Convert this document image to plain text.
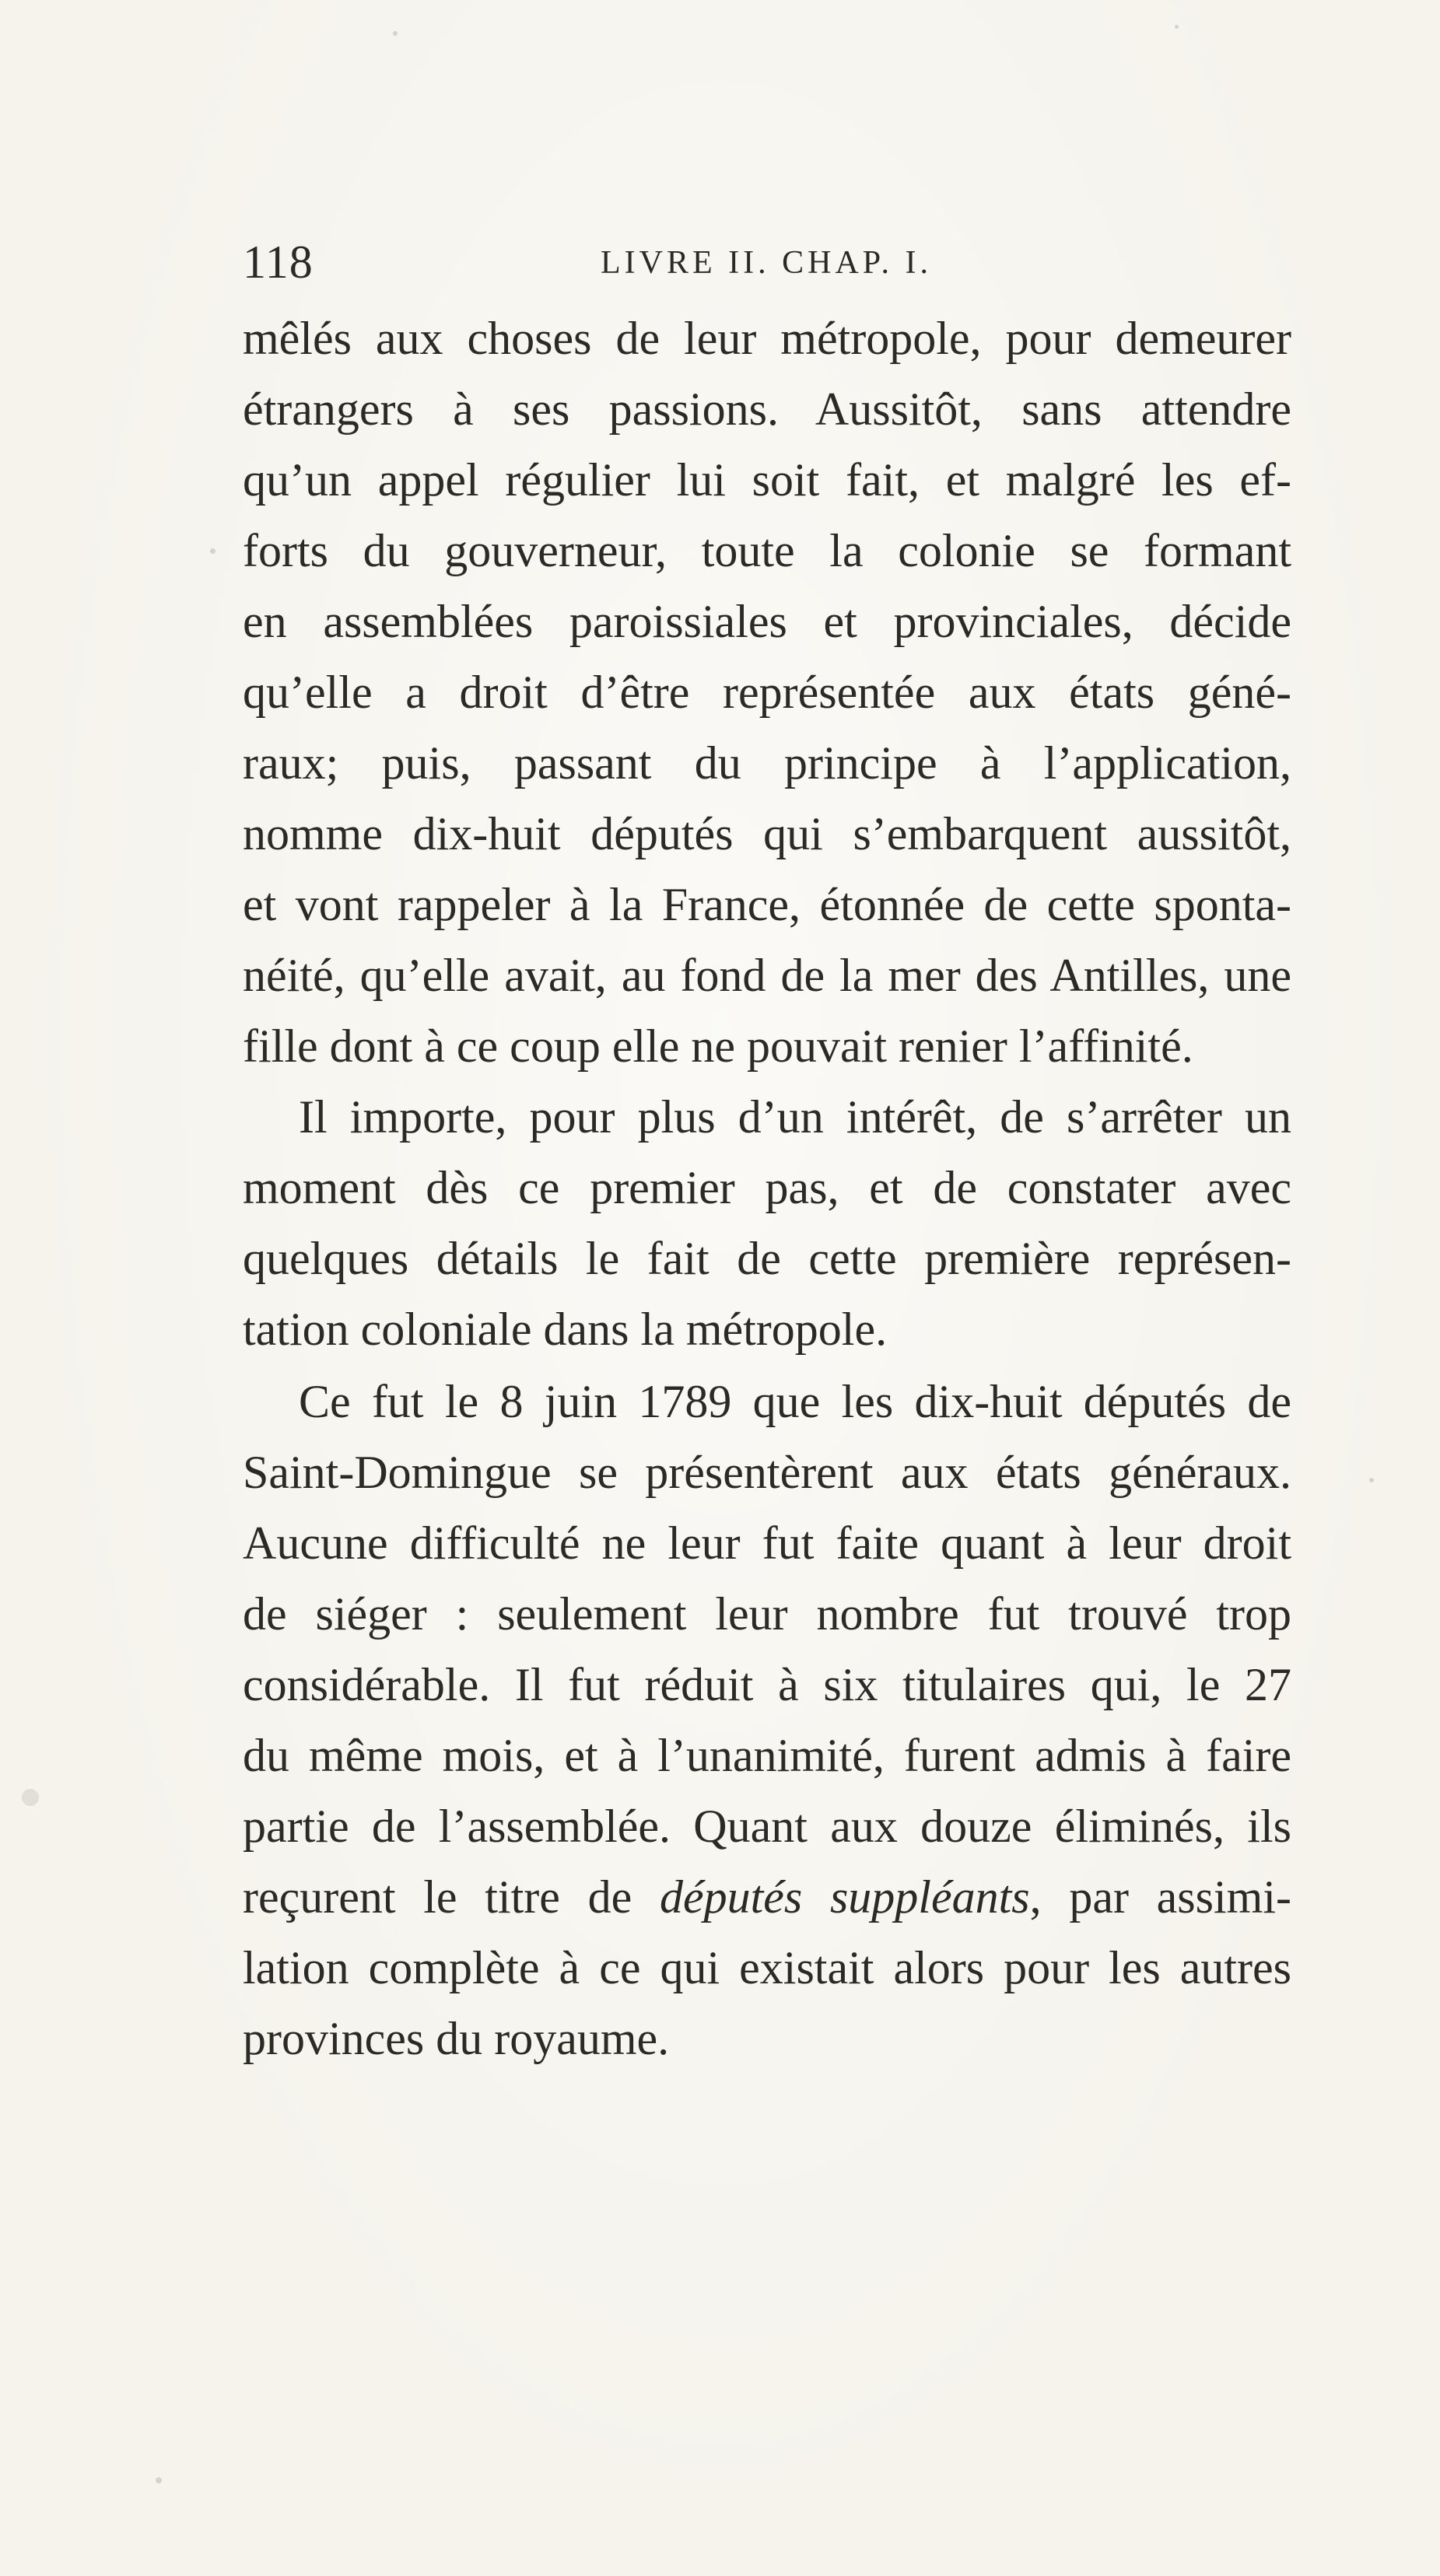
118	LIVRE II. CHAP. I.
mêlés aux choses de leur métropole, pour demeurer
étrangers à ses passions. Aussitôt, sans attendre
qu’un appel régulier lui soit fait, et malgré les ef-
forts du gouverneur, toute la colonie se formant
en assemblées paroissiales et provinciales, décide
qu’elle a droit d’être représentée aux états géné-
raux; puis, passant du principe à l’application,
nomme dix-huit députés qui s’embarquent aussitôt,
et vont rappeler à la France, étonnée de cette sponta-
néité, qu’elle avait, au fond de la mer des Antilles, une
fille dont à ce coup elle ne pouvait renier l’affinité.
Il importe, pour plus d’un intérêt, de s’arrêter un
moment dès ce premier pas, et de constater avec
quelques détails le fait de cette première représen-
tation coloniale dans la métropole.
Ce fut le 8 juin 1789 que les dix-huit députés de
Saint-Domingue se présentèrent aux états généraux.
Aucune difficulté ne leur fut faite quant à leur droit
de siéger : seulement leur nombre fut trouvé trop
considérable. Il fut réduit à six titulaires qui, le 27
du même mois, et à l’unanimité, furent admis à faire
partie de l’assemblée. Quant aux douze éliminés, ils
reçurent le titre de députés suppléants, par assimi-
lation complète à ce qui existait alors pour les autres
provinces du royaume.
